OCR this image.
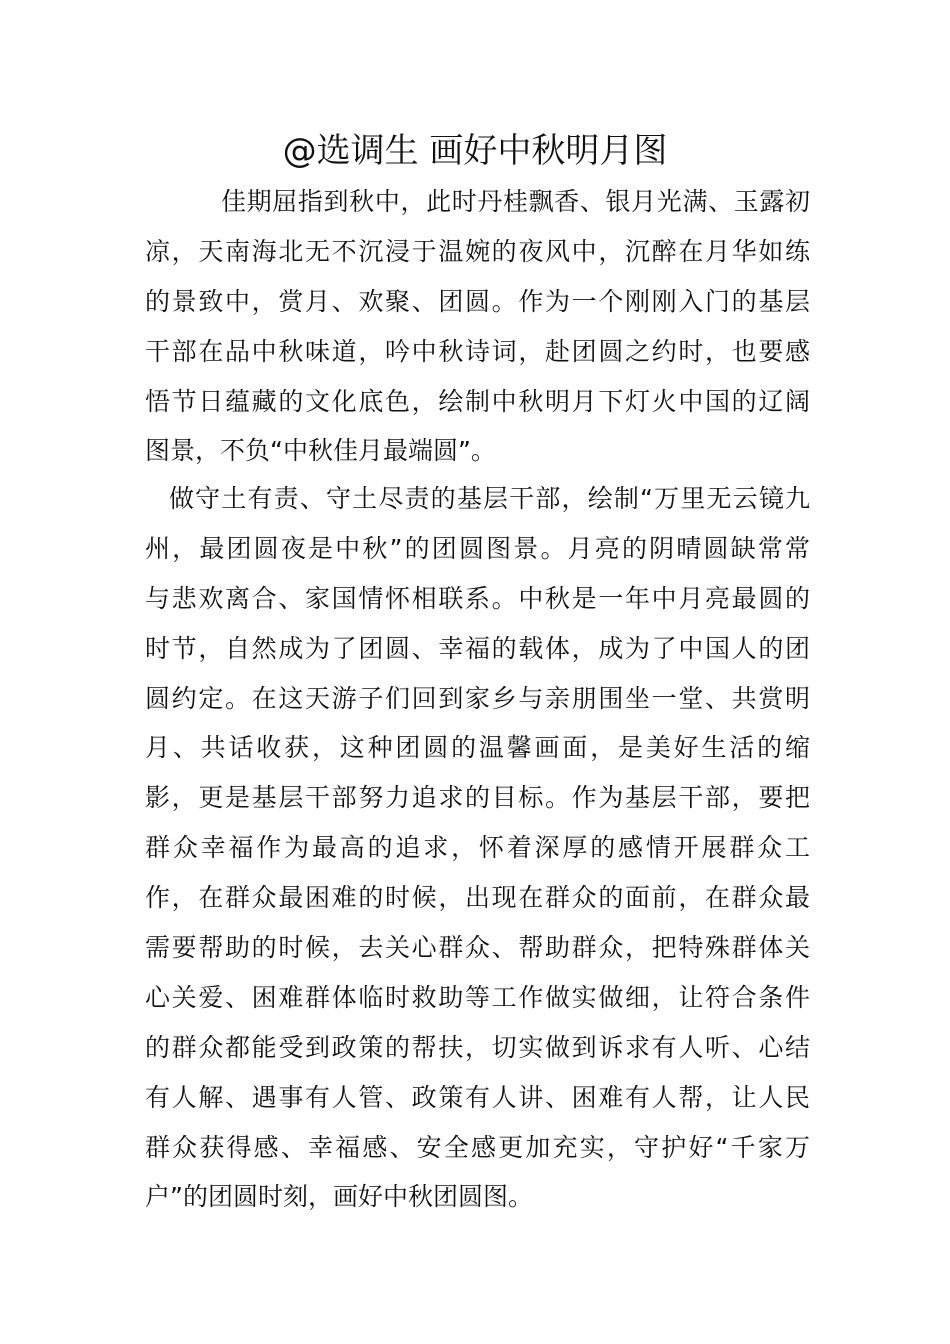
@选调生 画好中秋明月图
佳期屈指到秋中，此时丹桂飘香、银月光满、玉露初
凉，天南海北无不沉浸于温婉的夜风中，沉醉在月华如练
的景致中，赏月、欢聚、团圆。作为一个刚刚入门的基层
干部在品中秋味道，吟中秋诗词，赴团圆之约时，也要感
悟节日蕴藏的文化底色，绘制中秋明月下灯火中国的辽阔
图景，不负“中秋佳月最端圆”。
做守土有责、守土尽责的基层干部，绘制“万里无云镜九
州，最团圆夜是中秋”的团圆图景。月亮的阴晴圆缺常常
与悲欢离合、家国情怀相联系。中秋是一年中月亮最圆的
时节，自然成为了团圆、幸福的载体，成为了中国人的团
圆约定。在这天游子们回到家乡与亲朋围坐一堂、共赏明
月、共话收获，这种团圆的温馨画面，是美好生活的缩
影，更是基层干部努力追求的目标。作为基层干部，要把
群众幸福作为最高的追求，怀着深厚的感情开展群众工
作，在群众最困难的时候，出现在群众的面前，在群众最
需要帮助的时候，去关心群众、帮助群众，把特殊群体关
心关爱、困难群体临时救助等工作做实做细，让符合条件
的群众都能受到政策的帮扶，切实做到诉求有人听、心结
有人解、遇事有人管、政策有人讲、困难有人帮，让人民
群众获得感、幸福感、安全感更加充实，守护好“千家万
户”的团圆时刻，画好中秋团圆图。
